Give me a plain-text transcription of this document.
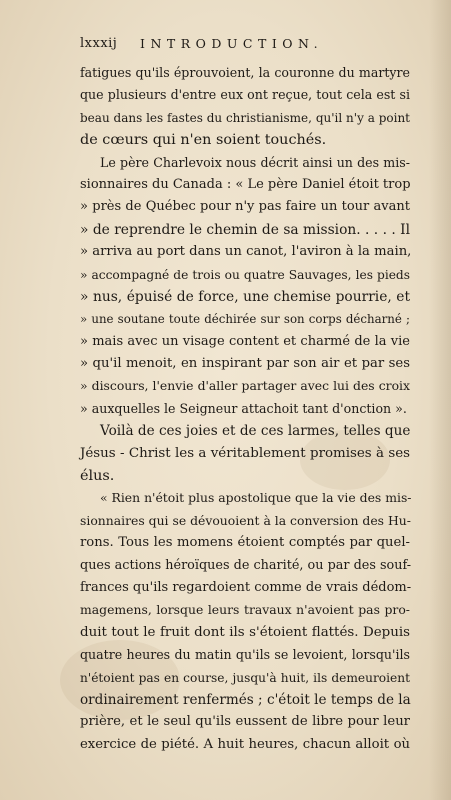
lxxxij INTRODUCTION.
fatigues qu'ils éprouvoient, la couronne du martyre
que plusieurs d'entre eux ont reçue, tout cela est si
beau dans les fastes du christianisme, qu'il n'y a point
de cœurs qui n'en soient touchés.
Le père Charlevoix nous décrit ainsi un des mis-
sionnaires du Canada : « Le père Daniel étoit trop
» près de Québec pour n'y pas faire un tour avant
» de reprendre le chemin de sa mission. . . . . Il
» arriva au port dans un canot, l'aviron à la main,
» accompagné de trois ou quatre Sauvages, les pieds
» nus, épuisé de force, une chemise pourrie, et
» une soutane toute déchirée sur son corps décharné ;
» mais avec un visage content et charmé de la vie
» qu'il menoit, en inspirant par son air et par ses
» discours, l'envie d'aller partager avec lui des croix
» auxquelles le Seigneur attachoit tant d'onction ».
Voilà de ces joies et de ces larmes, telles que
Jésus - Christ les a véritablement promises à ses
élus.
« Rien n'étoit plus apostolique que la vie des mis-
sionnaires qui se dévouoient à la conversion des Hu-
rons. Tous les momens étoient comptés par quel-
ques actions héroïques de charité, ou par des souf-
frances qu'ils regardoient comme de vrais dédom-
magemens, lorsque leurs travaux n'avoient pas pro-
duit tout le fruit dont ils s'étoient flattés. Depuis
quatre heures du matin qu'ils se levoient, lorsqu'ils
n'étoient pas en course, jusqu'à huit, ils demeuroient
ordinairement renfermés ; c'étoit le temps de la
prière, et le seul qu'ils eussent de libre pour leur
exercice de piété. A huit heures, chacun alloit où
